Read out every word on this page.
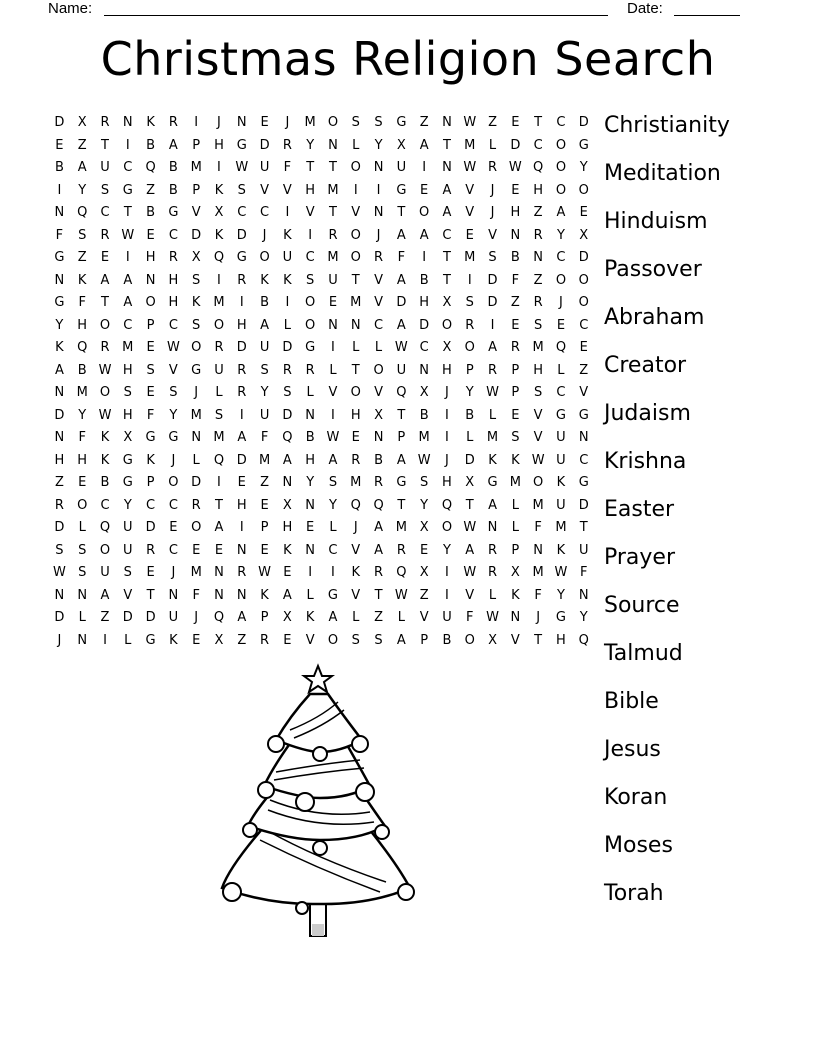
Name:	Date:
Christmas Religion Search
D	X	R	N	K	R	I	J	N	E	J	M O	S	S	G	Z	N W Z	E	T	C	D
E	Z	T	I	B	A	P	H G D	R	Y	N	L	Y	X	A	T	M	L	D	C	O G
B	A	U	C	Q	B M	I	W U	F	T	T	O N	U	I	N W R W Q O	Y
I	Y	S	G	Z	B	P	K	S	V	V	H M	I	I	G	E	A	V	J	E	H O O
N Q	C	T	B	G	V	X	C	C	I	V	T	V	N	T	O	A	V	J	H	Z	A	E
F	S	R W E	C	D	K	D	J	K	I	R	O	J	A	A	C	E	V	N	R	Y	X
G	Z	E	I	H	R	X	Q G O U	C M O	R	F	I	T	M	S	B	N	C	D
N	K	A	A	N	H	S	I	R	K	K	S	U	T	V	A	B	T	I	D	F	Z	O O
G	F	T	A	O H	K M	I	B	I	O	E	M V	D H	X	S	D	Z	R	J	O
Y	H O	C	P	C	S	O H	A	L	O N	N	C	A	D O	R	I	E	S	E	C
K	Q	R M	E W O	R	D	U	D G	I	L	L W C	X	O	A	R M Q	E
A	B W H	S	V	G	U	R	S	R	R	L	T	O U	N	H	P	R	P	H	L	Z
N M O	S	E	S	J	L	R	Y	S	L	V	O	V	Q	X	J	Y W P	S	C	V
D	Y W H	F	Y	M	S	I	U	D N	I	H	X	T	B	I	B	L	E	V	G G
N	F	K	X	G G N M A	F	Q	B W E	N	P	M	I	L	M	S	V	U	N
H	H	K	G	K	J	L	Q D M A	H	A	R	B	A W	J	D	K	K W U	C
Z	E	B	G	P	O D	I	E	Z	N	Y	S	M R	G	S	H	X	G M O	K	G
R	O	C	Y	C	C	R	T	H	E	X	N	Y	Q Q	T	Y	Q	T	A	L	M U	D
D	L	Q U	D	E	O	A	I	P	H	E	L	J	A M X	O W N	L	F	M	T
S	S	O U	R	C	E	E	N	E	K	N	C	V	A	R	E	Y	A	R	P	N	K	U
W S	U	S	E	J	M N	R W E	I	I	K	R	Q	X	I	W R	X M W F
N	N	A	V	T	N	F	N	N	K	A	L	G	V	T W Z	I	V	L	K	F	Y	N
D	L	Z	D D	U	J	Q	A	P	X	K	A	L	Z	L	V	U	F W N	J	G	Y
J	N	I	L	G	K	E	X	Z	R	E	V	O	S	S	A	P	B	O	X	V	T	H Q
Christianity
Meditation
Hinduism
Passover
Abraham
Creator
Judaism
Krishna
Easter
Prayer
Source
Talmud
Bible
Jesus
Koran
Moses
Torah
